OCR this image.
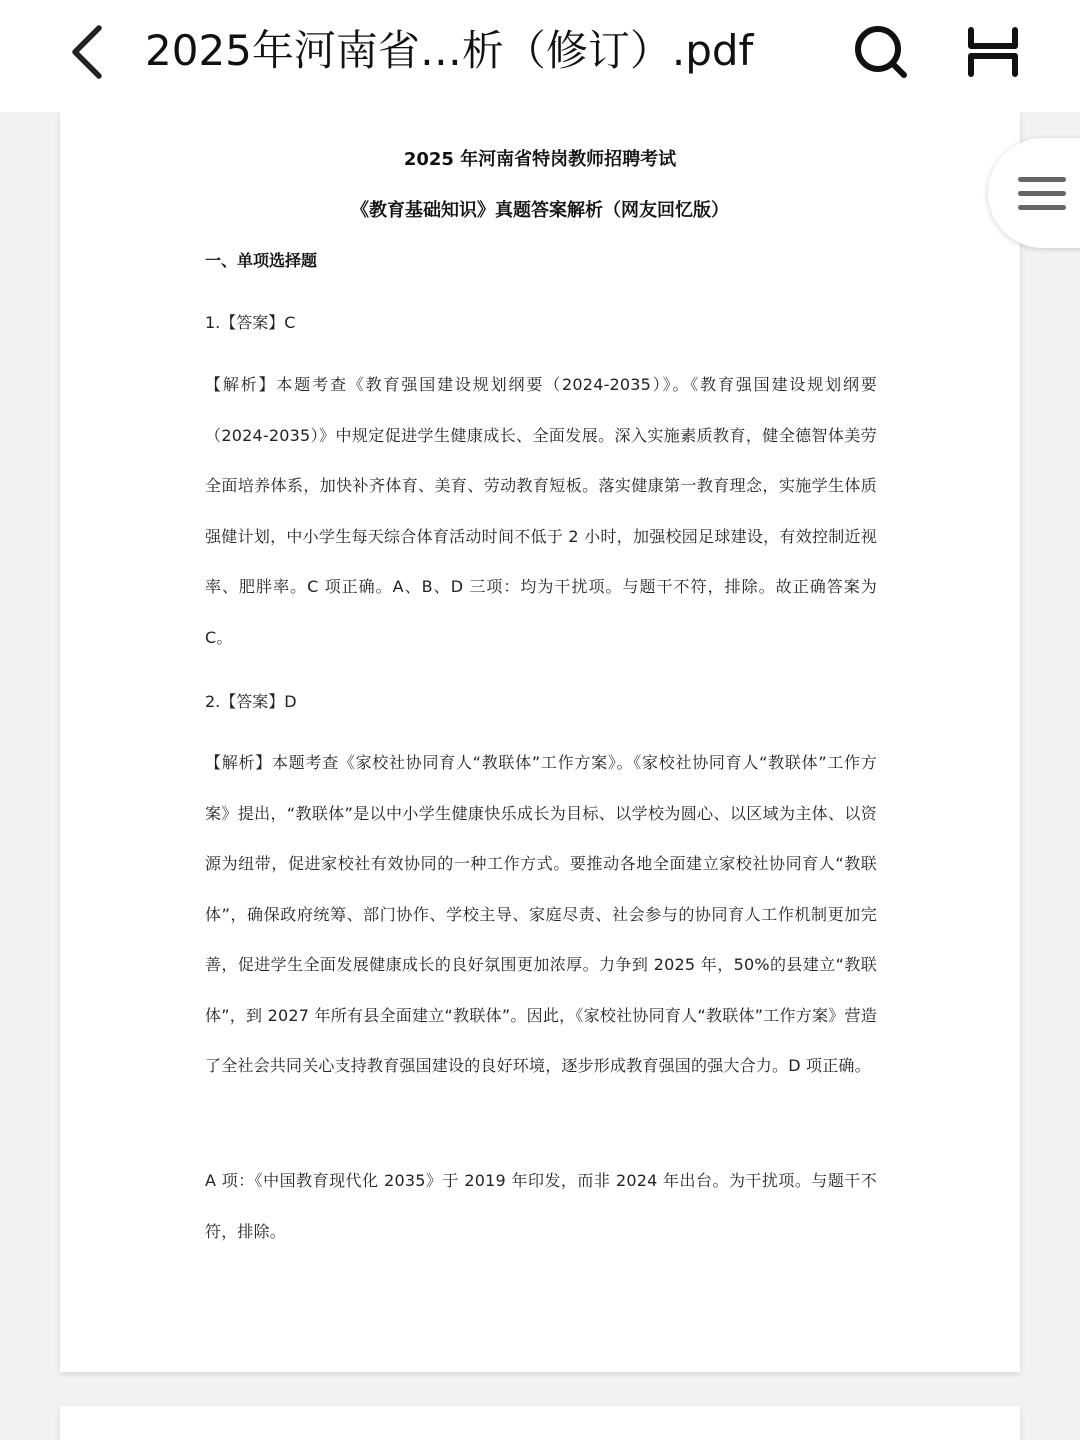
2025年河南省…析（修订）.pdf
2025 年河南省特岗教师招聘考试
《教育基础知识》真题答案解析（网友回忆版）
一、单项选择题
1.【答案】C
【解析】本题考查《教育强国建设规划纲要（2024-2035）》。《教育强国建设规划纲要（2024-2035）》中规定促进学生健康成长、全面发展。深入实施素质教育，健全德智体美劳全面培养体系，加快补齐体育、美育、劳动教育短板。落实健康第一教育理念，实施学生体质强健计划，中小学生每天综合体育活动时间不低于 2 小时，加强校园足球建设，有效控制近视率、肥胖率。C 项正确。A、B、D 三项：均为干扰项。与题干不符，排除。故正确答案为 C。
2.【答案】D
【解析】本题考查《家校社协同育人“教联体”工作方案》。《家校社协同育人“教联体”工作方案》提出，“教联体”是以中小学生健康快乐成长为目标、以学校为圆心、以区域为主体、以资源为纽带，促进家校社有效协同的一种工作方式。要推动各地全面建立家校社协同育人“教联体”，确保政府统筹、部门协作、学校主导、家庭尽责、社会参与的协同育人工作机制更加完善，促进学生全面发展健康成长的良好氛围更加浓厚。力争到 2025 年，50%的县建立“教联体”，到 2027 年所有县全面建立“教联体”。因此，《家校社协同育人“教联体”工作方案》营造了全社会共同关心支持教育强国建设的良好环境，逐步形成教育强国的强大合力。D 项正确。
A 项：《中国教育现代化 2035》于 2019 年印发，而非 2024 年出台。为干扰项。与题干不符，排除。
